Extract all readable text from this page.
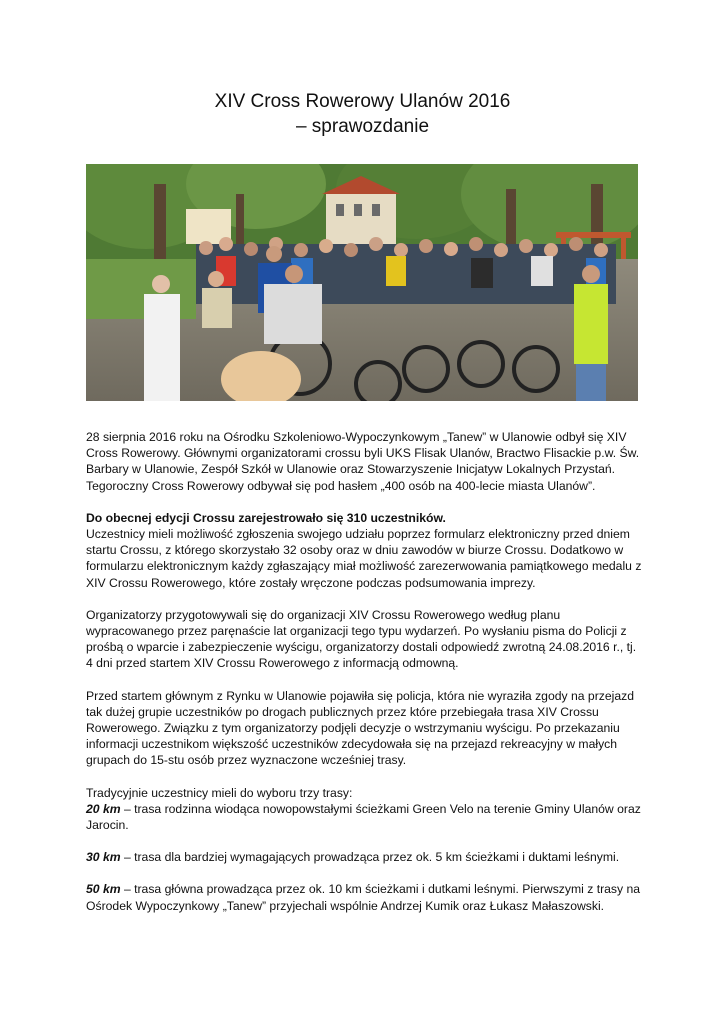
XIV Cross Rowerowy Ulanów 2016
– sprawozdanie

28 sierpnia 2016 roku na Ośrodku Szkoleniowo-Wypoczynkowym „Tanew” w Ulanowie odbył się XIV Cross Rowerowy. Głównymi organizatorami crossu byli UKS Flisak Ulanów, Bractwo Flisackie p.w. Św. Barbary w Ulanowie, Zespół Szkół w Ulanowie oraz Stowarzyszenie Inicjatyw Lokalnych Przystań. Tegoroczny Cross Rowerowy odbywał się pod hasłem „400 osób na 400-lecie miasta Ulanów”.

Do obecnej edycji Crossu zarejestrowało się 310 uczestników.

Uczestnicy mieli możliwość zgłoszenia swojego udziału poprzez formularz elektroniczny przed dniem startu Crossu, z którego skorzystało 32 osoby oraz w dniu zawodów w biurze Crossu. Dodatkowo w formularzu elektronicznym każdy zgłaszający miał możliwość zarezerwowania pamiątkowego medalu z XIV Crossu Rowerowego, które zostały wręczone podczas podsumowania imprezy.

Organizatorzy przygotowywali się do organizacji XIV Crossu Rowerowego według planu wypracowanego przez paręnaście lat organizacji tego typu wydarzeń. Po wysłaniu pisma do Policji z prośbą o wparcie i zabezpieczenie wyścigu, organizatorzy dostali odpowiedź zwrotną 24.08.2016 r., tj. 4 dni przed startem XIV Crossu Rowerowego z informacją odmowną.

Przed startem głównym z Rynku w Ulanowie pojawiła się policja, która nie wyraziła zgody na przejazd tak dużej grupie uczestników po drogach publicznych przez które przebiegała trasa XIV Crossu Rowerowego. Związku z tym organizatorzy podjęli decyzje o wstrzymaniu wyścigu. Po przekazaniu informacji uczestnikom większość uczestników zdecydowała się na przejazd rekreacyjny w małych grupach do 15-stu osób przez wyznaczone wcześniej trasy.

Tradycyjnie uczestnicy mieli do wyboru trzy trasy:

20 km – trasa rodzinna wiodąca nowopowstałymi ścieżkami Green Velo na terenie Gminy Ulanów oraz Jarocin.

30 km – trasa dla bardziej wymagających prowadząca przez ok. 5 km ścieżkami i duktami leśnymi.

50 km – trasa główna prowadząca przez ok. 10 km ścieżkami i dutkami leśnymi. Pierwszymi z trasy na Ośrodek Wypoczynkowy „Tanew” przyjechali wspólnie Andrzej Kumik oraz Łukasz Małaszowski.
